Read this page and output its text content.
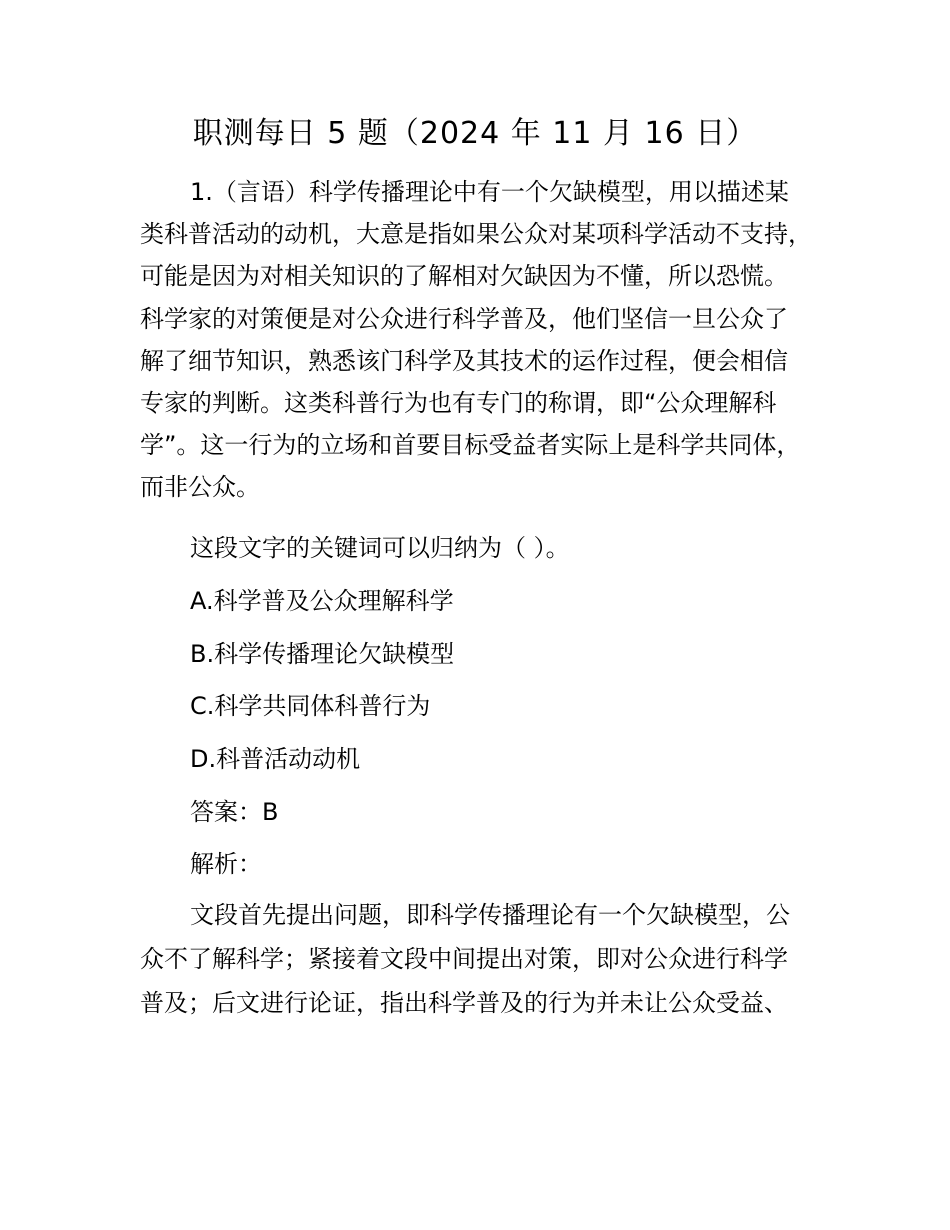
职测每日 5 题（2024 年 11 月 16 日）
1.（言语）科学传播理论中有一个欠缺模型，用以描述某
类科普活动的动机，大意是指如果公众对某项科学活动不支持，
可能是因为对相关知识的了解相对欠缺因为不懂，所以恐慌。
科学家的对策便是对公众进行科学普及，他们坚信一旦公众了
解了细节知识，熟悉该门科学及其技术的运作过程，便会相信
专家的判断。这类科普行为也有专门的称谓，即“公众理解科
学”。这一行为的立场和首要目标受益者实际上是科学共同体，
而非公众。
这段文字的关键词可以归纳为（ ）。
A.科学普及公众理解科学
B.科学传播理论欠缺模型
C.科学共同体科普行为
D.科普活动动机
答案：B
解析：
文段首先提出问题，即科学传播理论有一个欠缺模型，公
众不了解科学；紧接着文段中间提出对策，即对公众进行科学
普及；后文进行论证，指出科学普及的行为并未让公众受益、
